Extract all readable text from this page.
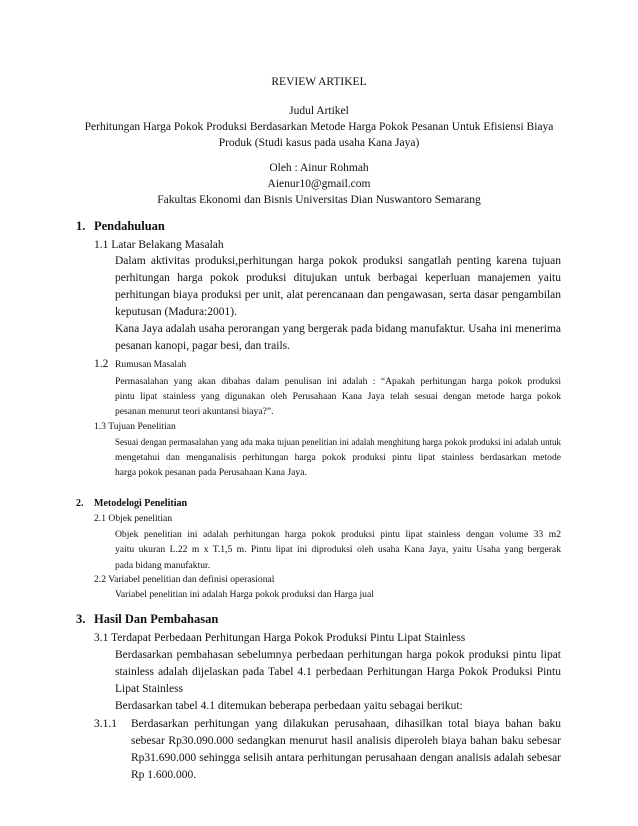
REVIEW ARTIKEL
Judul Artikel
Perhitungan Harga Pokok Produksi Berdasarkan Metode Harga Pokok Pesanan Untuk Efisiensi Biaya
Produk (Studi kasus pada usaha Kana Jaya)
Oleh : Ainur Rohmah
Aienur10@gmail.com
Fakultas Ekonomi dan Bisnis Universitas Dian Nuswantoro Semarang
1. Pendahuluan
1.1 Latar Belakang Masalah
Dalam aktivitas produksi,perhitungan harga pokok produksi sangatlah penting karena tujuan
perhitungan harga pokok produksi ditujukan untuk berbagai keperluan manajemen yaitu
perhitungan biaya produksi per unit, alat perencanaan dan pengawasan, serta dasar pengambilan
keputusan (Madura:2001).
Kana Jaya adalah usaha perorangan yang bergerak pada bidang manufaktur. Usaha ini menerima
pesanan kanopi, pagar besi, dan trails.
1.2 Rumusan Masalah
Permasalahan yang akan dibahas dalam penulisan ini adalah : “Apakah perhitungan harga pokok produksi
pintu lipat stainless yang digunakan oleh Perusahaan Kana Jaya telah sesuai dengan metode harga pokok
pesanan menurut teori akuntansi biaya?”.
1.3 Tujuan Penelitian
Sesuai dengan permasalahan yang ada maka tujuan penelitian ini adalah menghitung harga pokok produksi ini adalah untuk
mengetahui dan menganalisis perhitungan harga pokok produksi pintu lipat stainless berdasarkan metode
harga pokok pesanan pada Perusahaan Kana Jaya.
2. Metodelogi Penelitian
2.1 Objek penelitian
Objek penelitian ini adalah perhitungan harga pokok produksi pintu lipat stainless dengan volume 33 m2
yaitu ukuran L.22 m x T.1,5 m. Pintu lipat ini diproduksi oleh usaha Kana Jaya, yaitu Usaha yang bergerak
pada bidang manufaktur.
2.2 Variabel penelitian dan definisi operasional
Variabel penelitian ini adalah Harga pokok produksi dan Harga jual
3. Hasil Dan Pembahasan
3.1 Terdapat Perbedaan Perhitungan Harga Pokok Produksi Pintu Lipat Stainless
Berdasarkan pembahasan sebelumnya perbedaan perhitungan harga pokok produksi pintu lipat
stainless adalah dijelaskan pada Tabel 4.1 perbedaan Perhitungan Harga Pokok Produksi Pintu
Lipat Stainless
Berdasarkan tabel 4.1 ditemukan beberapa perbedaan yaitu sebagai berikut:
3.1.1 Berdasarkan perhitungan yang dilakukan perusahaan, dihasilkan total biaya bahan baku
sebesar Rp30.090.000 sedangkan menurut hasil analisis diperoleh biaya bahan baku sebesar
Rp31.690.000 sehingga selisih antara perhitungan perusahaan dengan analisis adalah sebesar
Rp 1.600.000.
